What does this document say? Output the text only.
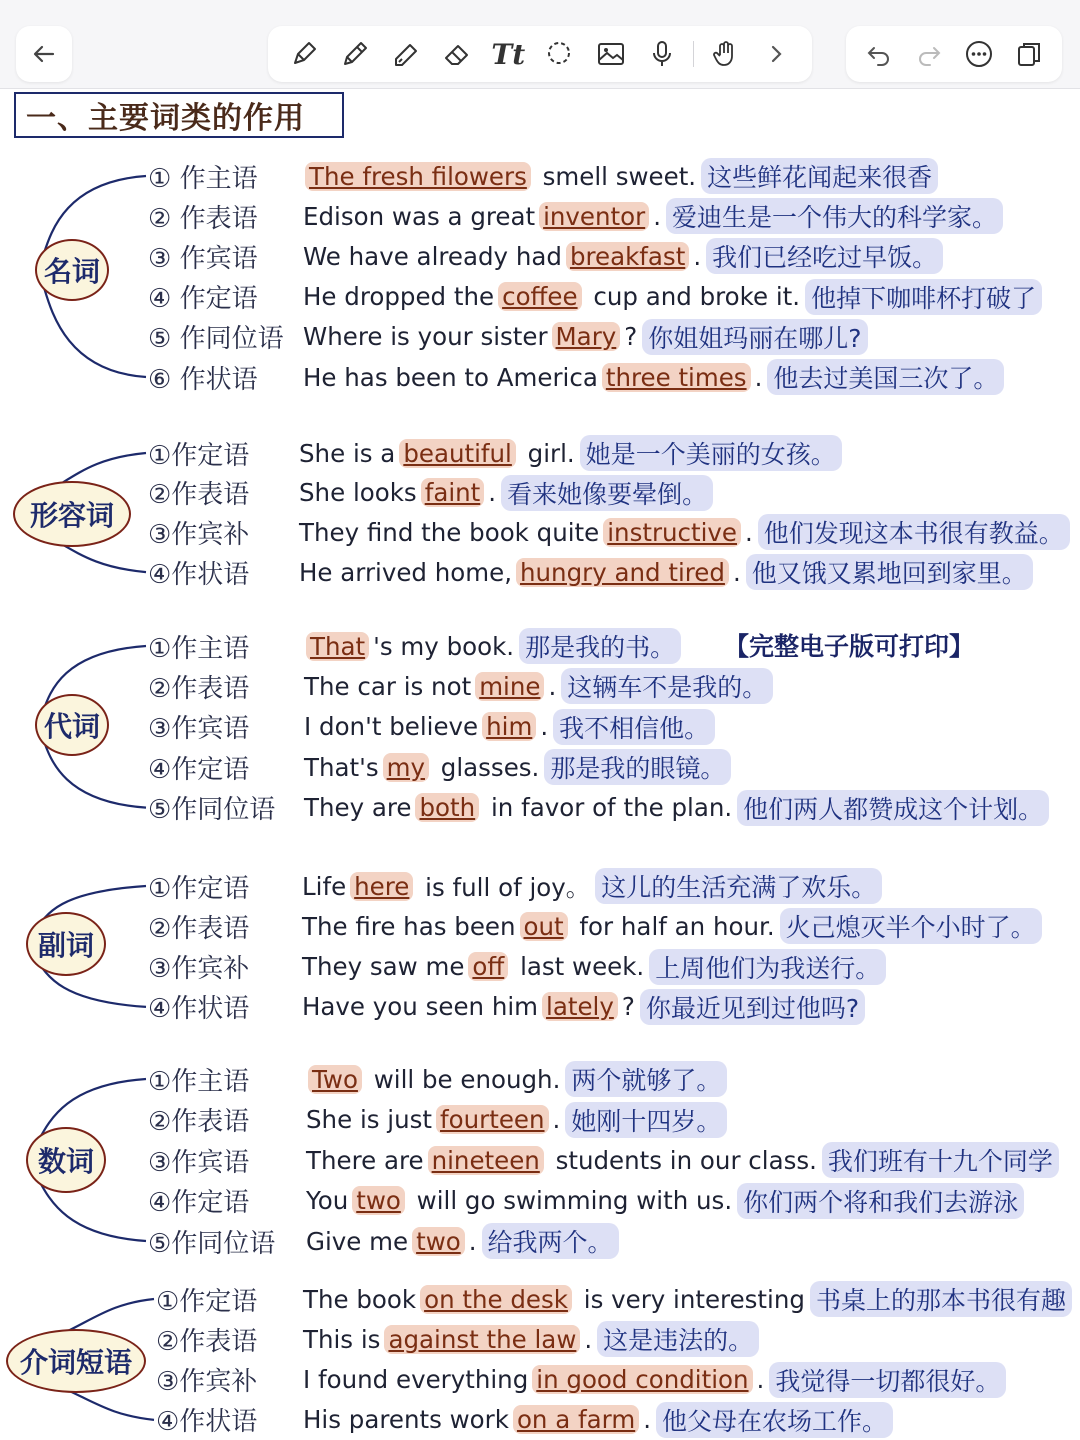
Tt
一、主要词类的作用
名词
① 作主语 The fresh filowers smell sweet. 这些鲜花闻起来很香
② 作表语 Edison was a great inventor . 爱迪生是一个伟大的科学家。
③ 作宾语 We have already had breakfast . 我们已经吃过早饭。
④ 作定语 He dropped the coffee cup and broke it. 他掉下咖啡杯打破了
⑤ 作同位语 Where is your sister Mary ? 你姐姐玛丽在哪儿?
⑥ 作状语 He has been to America three times . 他去过美国三次了。
形容词
①作定语 She is a beautiful girl. 她是一个美丽的女孩。
②作表语 She looks faint . 看来她像要晕倒。
③作宾补 They find the book quite instructive . 他们发现这本书很有教益。
④作状语 He arrived home, hungry and tired . 他又饿又累地回到家里。
代词
①作主语 That 's my book. 那是我的书。
②作表语 The car is not mine . 这辆车不是我的。
③作宾语 I don't believe him . 我不相信他。
④作定语 That's my glasses. 那是我的眼镜。
⑤作同位语 They are both in favor of the plan. 他们两人都赞成这个计划。
副词
①作定语 Life here is full of joy。 这儿的生活充满了欢乐。
②作表语 The fire has been out for half an hour. 火己熄灭半个小时了。
③作宾补 They saw me off last week. 上周他们为我送行。
④作状语 Have you seen him lately ? 你最近见到过他吗?
数词
①作主语	Two will be enough. 两个就够了。
②作表语 She is just fourteen . 她刚十四岁。
③作宾语 There are nineteen students in our class. 我们班有十九个同学
④作定语 You two will go swimming with us. 你们两个将和我们去游泳
⑤作同位语 Give me two . 给我两个。
介词短语
①作定语 The book on the desk is very interesting 书桌上的那本书很有趣
②作表语 This is against the law . 这是违法的。
③作宾补 I found everything in good condition . 我觉得一切都很好。
④作状语 His parents work on a farm . 他父母在农场工作。
【完整电子版可打印】
